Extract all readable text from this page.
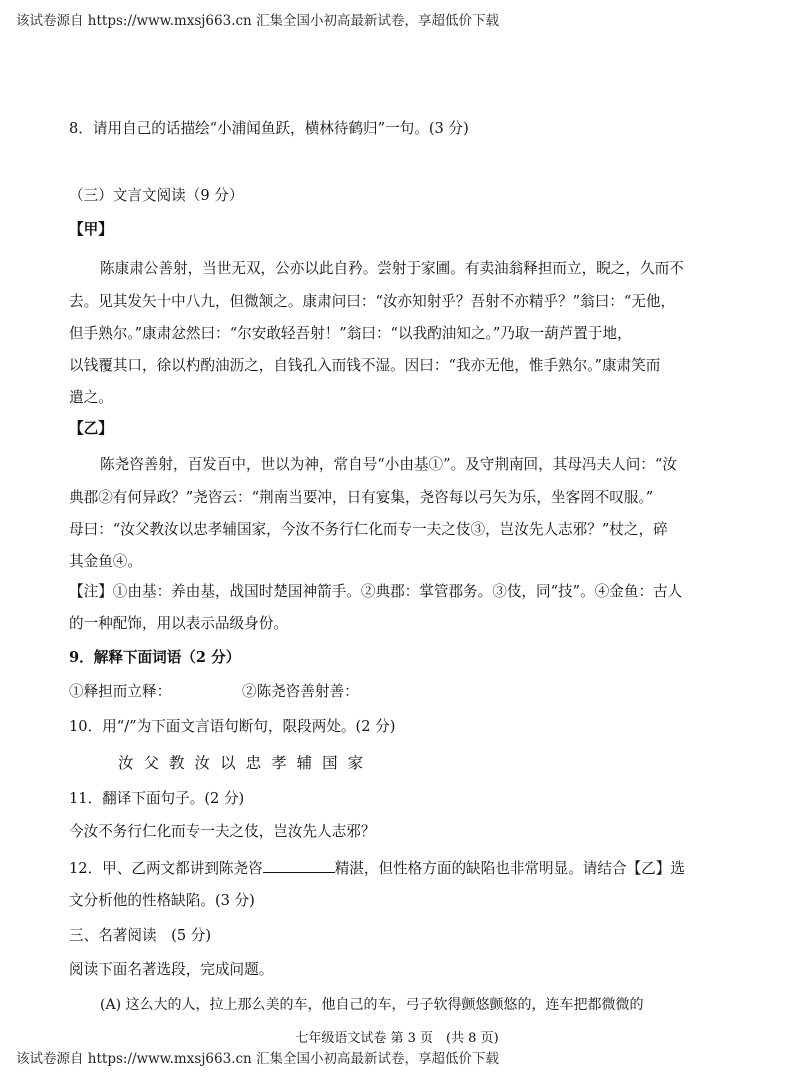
该试卷源自 https://www.mxsj663.cn 汇集全国小初高最新试卷，享超低价下载
8．请用自己的话描绘“小浦闻鱼跃，横林待鹤归”一句。(3 分)
（三）文言文阅读（9 分）
【甲】
陈康肃公善射，当世无双，公亦以此自矜。尝射于家圃。有卖油翁释担而立，睨之，久而不
去。见其发矢十中八九，但微颔之。康肃问曰：“汝亦知射乎？吾射不亦精乎？”翁曰：“无他，
但手熟尔。”康肃忿然曰：“尔安敢轻吾射！”翁曰：“以我酌油知之。”乃取一葫芦置于地，
以钱覆其口，徐以杓酌油沥之，自钱孔入而钱不湿。因曰：“我亦无他，惟手熟尔。”康肃笑而
遣之。
【乙】
陈尧咨善射，百发百中，世以为神，常自号“小由基①”。及守荆南回，其母冯夫人问：“汝
典郡②有何异政？”尧咨云：“荆南当要冲，日有宴集，尧咨每以弓矢为乐，坐客罔不叹服。”
母曰：“汝父教汝以忠孝辅国家，今汝不务行仁化而专一夫之伎③，岂汝先人志邪？”杖之，碎
其金鱼④。
【注】①由基：养由基，战国时楚国神箭手。②典郡：掌管郡务。③伎，同“技”。④金鱼：古人
的一种配饰，用以表示品级身份。
9．解释下面词语（2 分）
①释担而立释：	②陈尧咨善射善：
10．用“/”为下面文言语句断句，限段两处。(2 分)
汝 父 教 汝 以 忠 孝 辅 国 家
11．翻译下面句子。(2 分)
今汝不务行仁化而专一夫之伎，岂汝先人志邪？
12．甲、乙两文都讲到陈尧咨	精湛，但性格方面的缺陷也非常明显。请结合【乙】选
文分析他的性格缺陷。(3 分)
三、名著阅读　(5 分)
阅读下面名著选段，完成问题。
(A) 这么大的人，拉上那么美的车，他自己的车，弓子软得颤悠颤悠的，连车把都微微的
七年级语文试卷 第 3 页　(共 8 页)
该试卷源自 https://www.mxsj663.cn 汇集全国小初高最新试卷，享超低价下载
